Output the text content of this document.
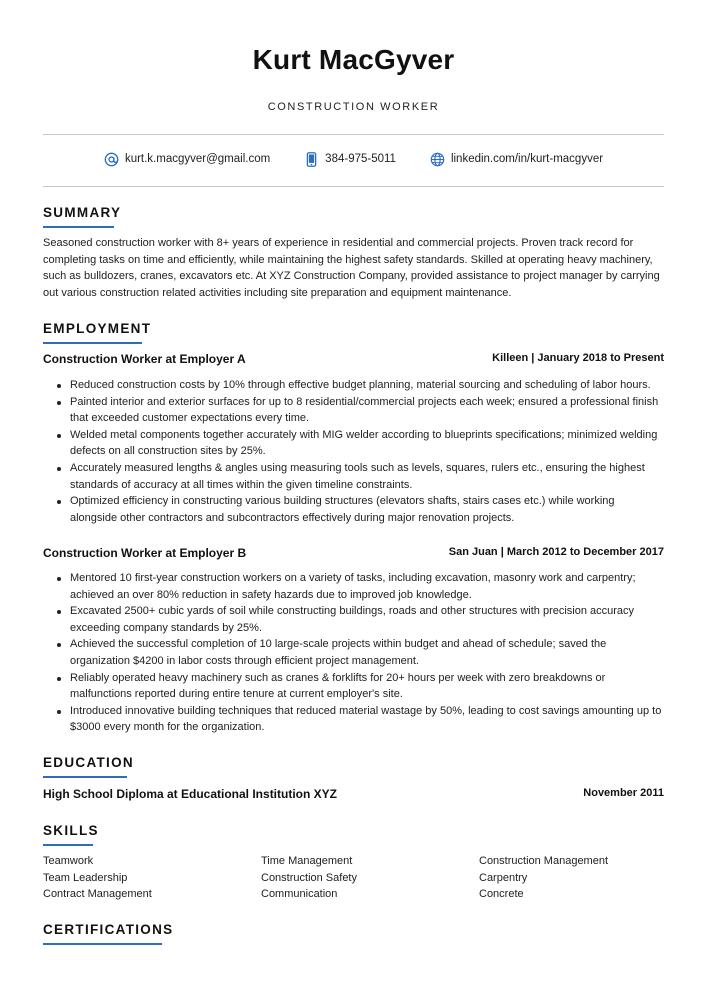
Kurt MacGyver
CONSTRUCTION WORKER
kurt.k.macgyver@gmail.com	384-975-5011	linkedin.com/in/kurt-macgyver
SUMMARY
Seasoned construction worker with 8+ years of experience in residential and commercial projects. Proven track record for completing tasks on time and efficiently, while maintaining the highest safety standards. Skilled at operating heavy machinery, such as bulldozers, cranes, excavators etc. At XYZ Construction Company, provided assistance to project manager by carrying out various construction related activities including site preparation and equipment maintenance.
EMPLOYMENT
Construction Worker at Employer A	Killeen | January 2018 to Present
Reduced construction costs by 10% through effective budget planning, material sourcing and scheduling of labor hours.
Painted interior and exterior surfaces for up to 8 residential/commercial projects each week; ensured a professional finish that exceeded customer expectations every time.
Welded metal components together accurately with MIG welder according to blueprints specifications; minimized welding defects on all construction sites by 25%.
Accurately measured lengths & angles using measuring tools such as levels, squares, rulers etc., ensuring the highest standards of accuracy at all times within the given timeline constraints.
Optimized efficiency in constructing various building structures (elevators shafts, stairs cases etc.) while working alongside other contractors and subcontractors effectively during major renovation projects.
Construction Worker at Employer B	San Juan | March 2012 to December 2017
Mentored 10 first-year construction workers on a variety of tasks, including excavation, masonry work and carpentry; achieved an over 80% reduction in safety hazards due to improved job knowledge.
Excavated 2500+ cubic yards of soil while constructing buildings, roads and other structures with precision accuracy exceeding company standards by 25%.
Achieved the successful completion of 10 large-scale projects within budget and ahead of schedule; saved the organization $4200 in labor costs through efficient project management.
Reliably operated heavy machinery such as cranes & forklifts for 20+ hours per week with zero breakdowns or malfunctions reported during entire tenure at current employer's site.
Introduced innovative building techniques that reduced material wastage by 50%, leading to cost savings amounting up to $3000 every month for the organization.
EDUCATION
High School Diploma at Educational Institution XYZ	November 2011
SKILLS
Teamwork	Time Management	Construction Management
Team Leadership	Construction Safety	Carpentry
Contract Management	Communication	Concrete
CERTIFICATIONS
